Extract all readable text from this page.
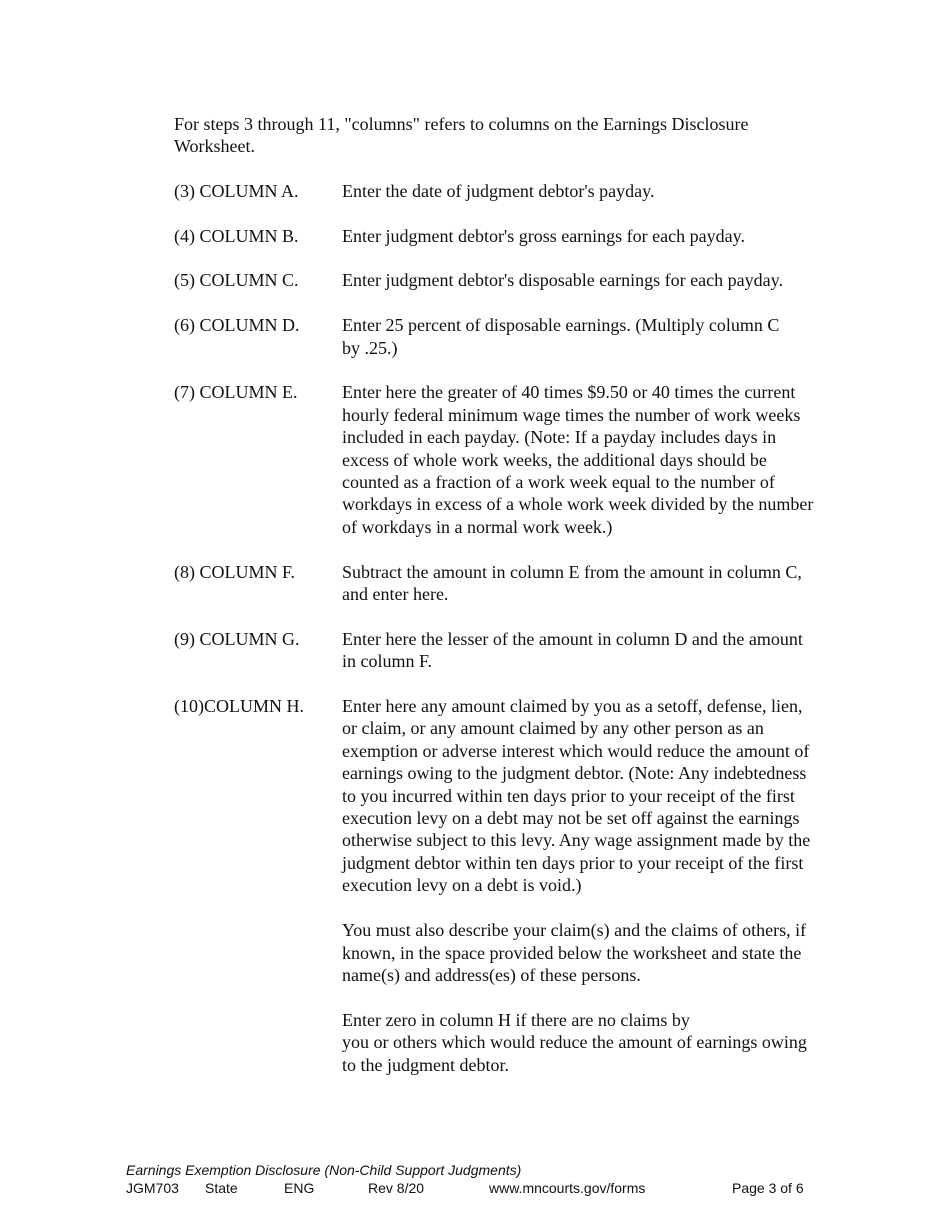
For steps 3 through 11, "columns" refers to columns on the Earnings Disclosure
Worksheet.

(3) COLUMN A.	Enter the date of judgment debtor's payday.

(4) COLUMN B.	Enter judgment debtor's gross earnings for each payday.

(5) COLUMN C.	Enter judgment debtor's disposable earnings for each payday.

(6) COLUMN D.	Enter 25 percent of disposable earnings. (Multiply column C
by .25.)

(7) COLUMN E.	Enter here the greater of 40 times $9.50 or 40 times the current
hourly federal minimum wage times the number of work weeks
included in each payday. (Note: If a payday includes days in
excess of whole work weeks, the additional days should be
counted as a fraction of a work week equal to the number of
workdays in excess of a whole work week divided by the number
of workdays in a normal work week.)

(8) COLUMN F.	Subtract the amount in column E from the amount in column C,
and enter here.

(9) COLUMN G.	Enter here the lesser of the amount in column D and the amount
in column F.

(10)COLUMN H.	Enter here any amount claimed by you as a setoff, defense, lien,
or claim, or any amount claimed by any other person as an
exemption or adverse interest which would reduce the amount of
earnings owing to the judgment debtor. (Note: Any indebtedness
to you incurred within ten days prior to your receipt of the first
execution levy on a debt may not be set off against the earnings
otherwise subject to this levy. Any wage assignment made by the
judgment debtor within ten days prior to your receipt of the first
execution levy on a debt is void.)

You must also describe your claim(s) and the claims of others, if
known, in the space provided below the worksheet and state the
name(s) and address(es) of these persons.

Enter zero in column H if there are no claims by
you or others which would reduce the amount of earnings owing
to the judgment debtor.

Earnings Exemption Disclosure (Non-Child Support Judgments)
JGM703 State	ENG	Rev 8/20	www.mncourts.gov/forms	Page 3 of 6
